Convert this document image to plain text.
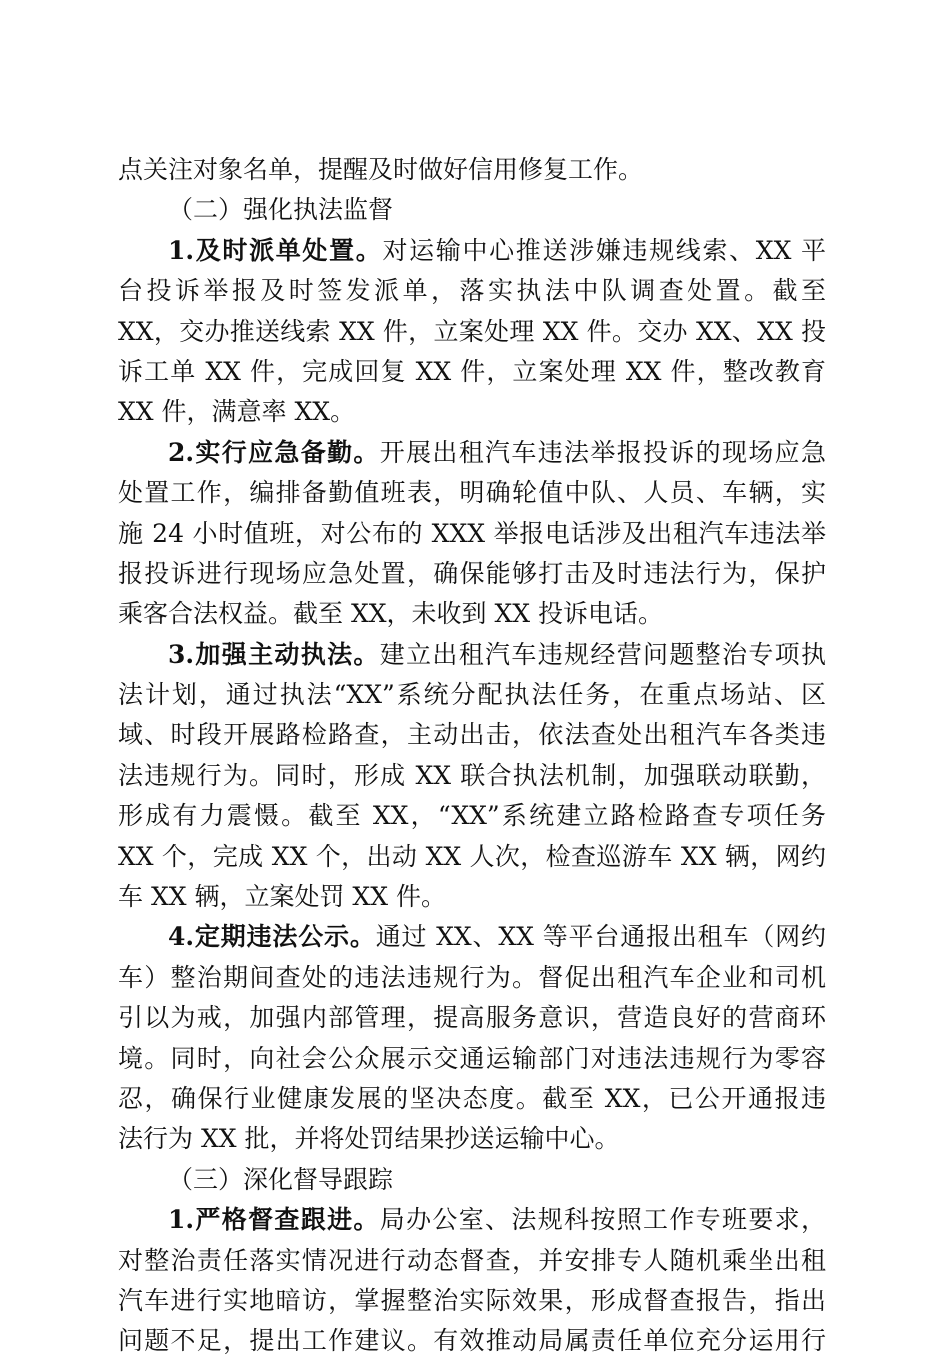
点关注对象名单，提醒及时做好信用修复工作。
（二）强化执法监督
1.及时派单处置。对运输中心推送涉嫌违规线索、XX 平
台投诉举报及时签发派单，落实执法中队调查处置。截至
XX，交办推送线索 XX 件，立案处理 XX 件。交办 XX、XX 投
诉工单 XX 件，完成回复 XX 件，立案处理 XX 件，整改教育
XX 件，满意率 XX。
2.实行应急备勤。开展出租汽车违法举报投诉的现场应急
处置工作，编排备勤值班表，明确轮值中队、人员、车辆，实
施 24 小时值班，对公布的 XXX 举报电话涉及出租汽车违法举
报投诉进行现场应急处置，确保能够打击及时违法行为，保护
乘客合法权益。截至 XX，未收到 XX 投诉电话。
3.加强主动执法。建立出租汽车违规经营问题整治专项执
法计划，通过执法“XX”系统分配执法任务，在重点场站、区
域、时段开展路检路查，主动出击，依法查处出租汽车各类违
法违规行为。同时，形成 XX 联合执法机制，加强联动联勤，
形成有力震慑。截至 XX，“XX”系统建立路检路查专项任务
XX 个，完成 XX 个，出动 XX 人次，检查巡游车 XX 辆，网约
车 XX 辆，立案处罚 XX 件。
4.定期违法公示。通过 XX、XX 等平台通报出租车（网约
车）整治期间查处的违法违规行为。督促出租汽车企业和司机
引以为戒，加强内部管理，提高服务意识，营造良好的营商环
境。同时，向社会公众展示交通运输部门对违法违规行为零容
忍，确保行业健康发展的坚决态度。截至 XX，已公开通报违
法行为 XX 批，并将处罚结果抄送运输中心。
（三）深化督导跟踪
1.严格督查跟进。局办公室、法规科按照工作专班要求，
对整治责任落实情况进行动态督查，并安排专人随机乘坐出租
汽车进行实地暗访，掌握整治实际效果，形成督查报告，指出
问题不足，提出工作建议。有效推动局属责任单位充分运用行
